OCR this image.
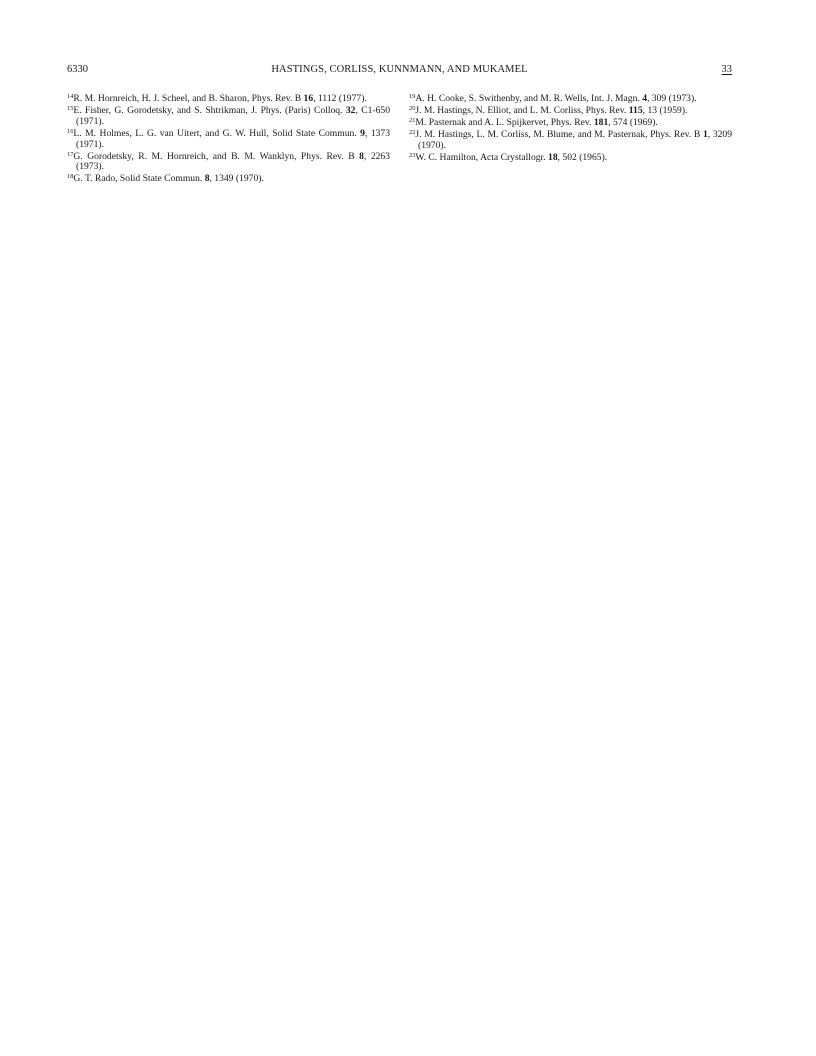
6330	HASTINGS, CORLISS, KUNNMANN, AND MUKAMEL	33

$^{14}$R. M. Hornreich, H. J. Scheel, and B. Sharon, Phys. Rev. B 16, 1112 (1977).

$^{15}$E. Fisher, G. Gorodetsky, and S. Shtrikman, J. Phys. (Paris) Colloq. 32, C1-650 (1971).

$^{16}$L. M. Holmes, L. G. van Uitert, and G. W. Hull, Solid State Commun. 9, 1373 (1971).

$^{17}$G. Gorodetsky, R. M. Hornreich, and B. M. Wanklyn, Phys. Rev. B 8, 2263 (1973).

$^{18}$G. T. Rado, Solid State Commun. 8, 1349 (1970).

$^{19}$A. H. Cooke, S. Swithenby, and M. R. Wells, Int. J. Magn. 4, 309 (1973).

$^{20}$J. M. Hastings, N. Elliot, and L. M. Corliss, Phys. Rev. 115, 13 (1959).

$^{21}$M. Pasternak and A. L. Spijkervet, Phys. Rev. 181, 574 (1969).

$^{22}$J. M. Hastings, L. M. Corliss, M. Blume, and M. Pasternak, Phys. Rev. B 1, 3209 (1970).

$^{23}$W. C. Hamilton, Acta Crystallogr. 18, 502 (1965).
